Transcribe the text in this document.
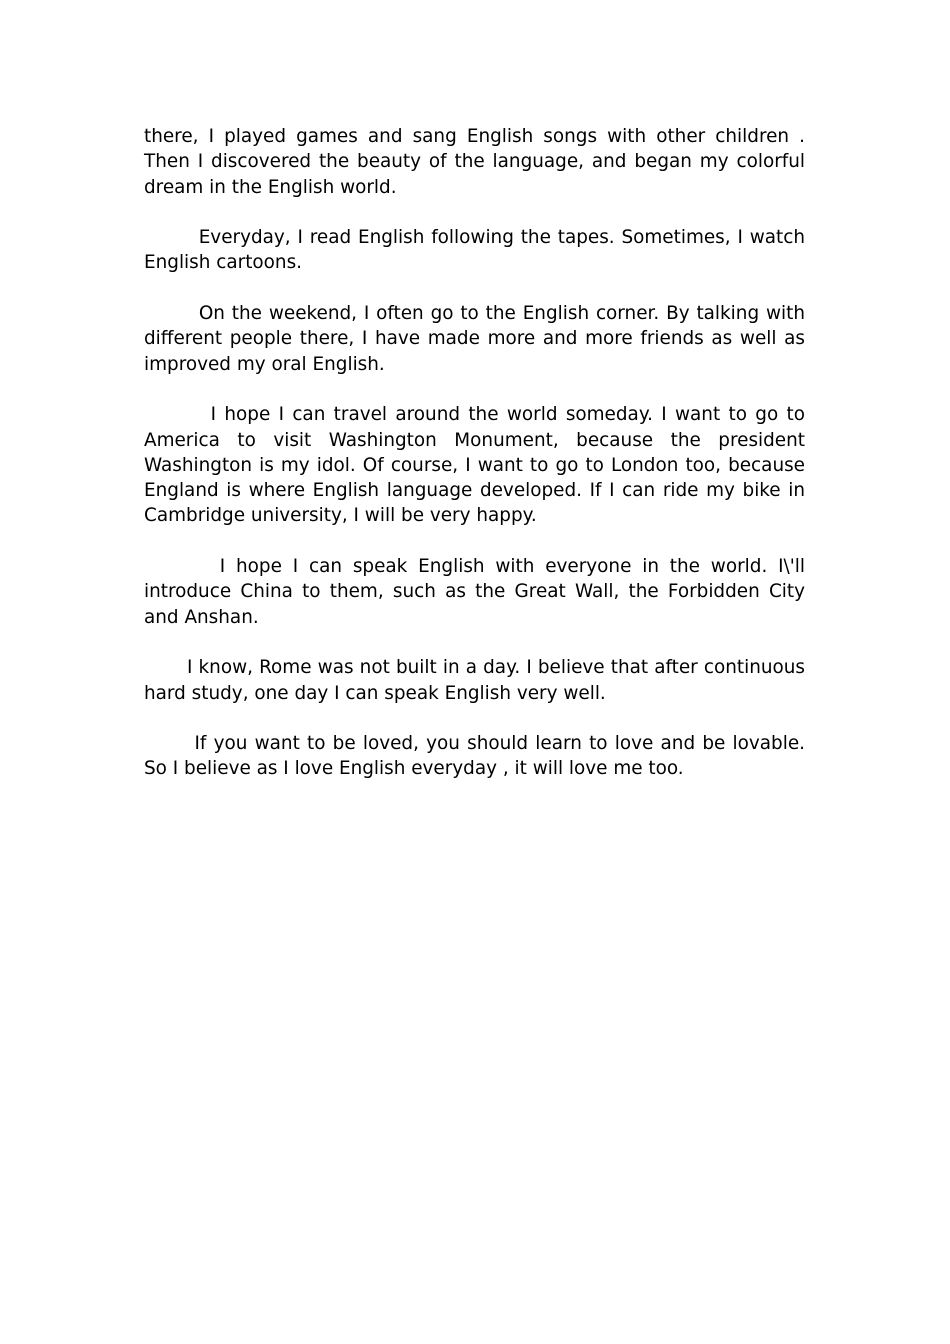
there, I played games and sang English songs with other children . Then I discovered the beauty of the language, and began my colorful dream in the English world.

Everyday, I read English following the tapes. Sometimes, I watch English cartoons.

On the weekend, I often go to the English corner. By talking with different people there, I have made more and more friends as well as improved my oral English.

I hope I can travel around the world someday. I want to go to America to visit Washington Monument, because the president Washington is my idol. Of course, I want to go to London too, because England is where English language developed. If I can ride my bike in Cambridge university, I will be very happy.

I hope I can speak English with everyone in the world. I\'ll introduce China to them, such as the Great Wall, the Forbidden City and Anshan.

I know, Rome was not built in a day. I believe that after continuous hard study, one day I can speak English very well.

If you want to be loved, you should learn to love and be lovable. So I believe as I love English everyday , it will love me too.
